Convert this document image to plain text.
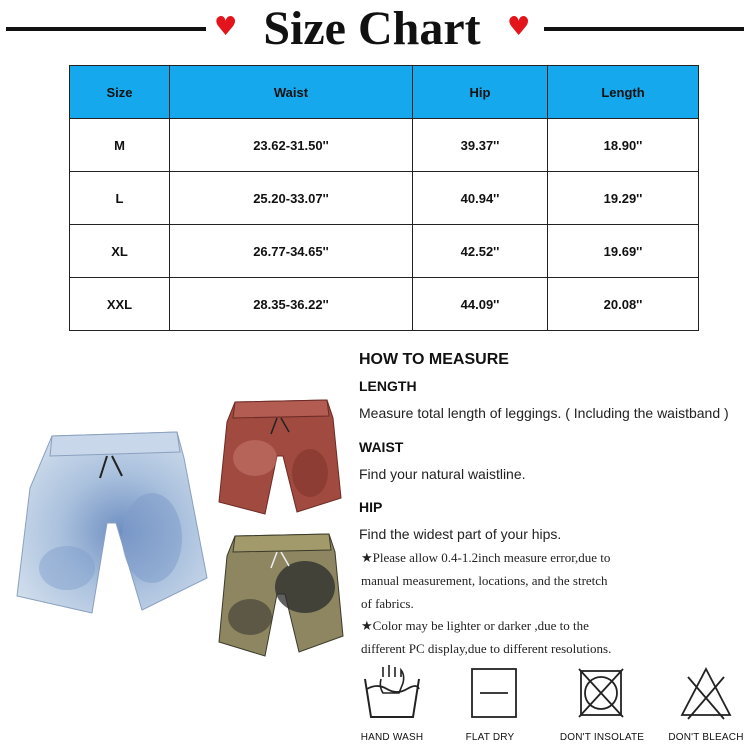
♥ Size Chart	♥
Size	Waist	Hip	Length
M	23.62-31.50''	39.37''	18.90''
L	25.20-33.07''	40.94''	19.29''
XL	26.77-34.65''	42.52''	19.69''
XXL	28.35-36.22''	44.09''	20.08''
HOW TO MEASURE
LENGTH
Measure total length of leggings. ( Including the waistband )
WAIST
Find your natural waistline.
HIP
Find the widest part of your hips.
★Please allow 0.4-1.2inch measure error,due to
manual measurement, locations, and the stretch
of fabrics.
★Color may be lighter or darker ,due to the
different PC display,due to different resolutions.
HAND WASH	FLAT DRY	DON'T INSOLATE	DON'T BLEACH
